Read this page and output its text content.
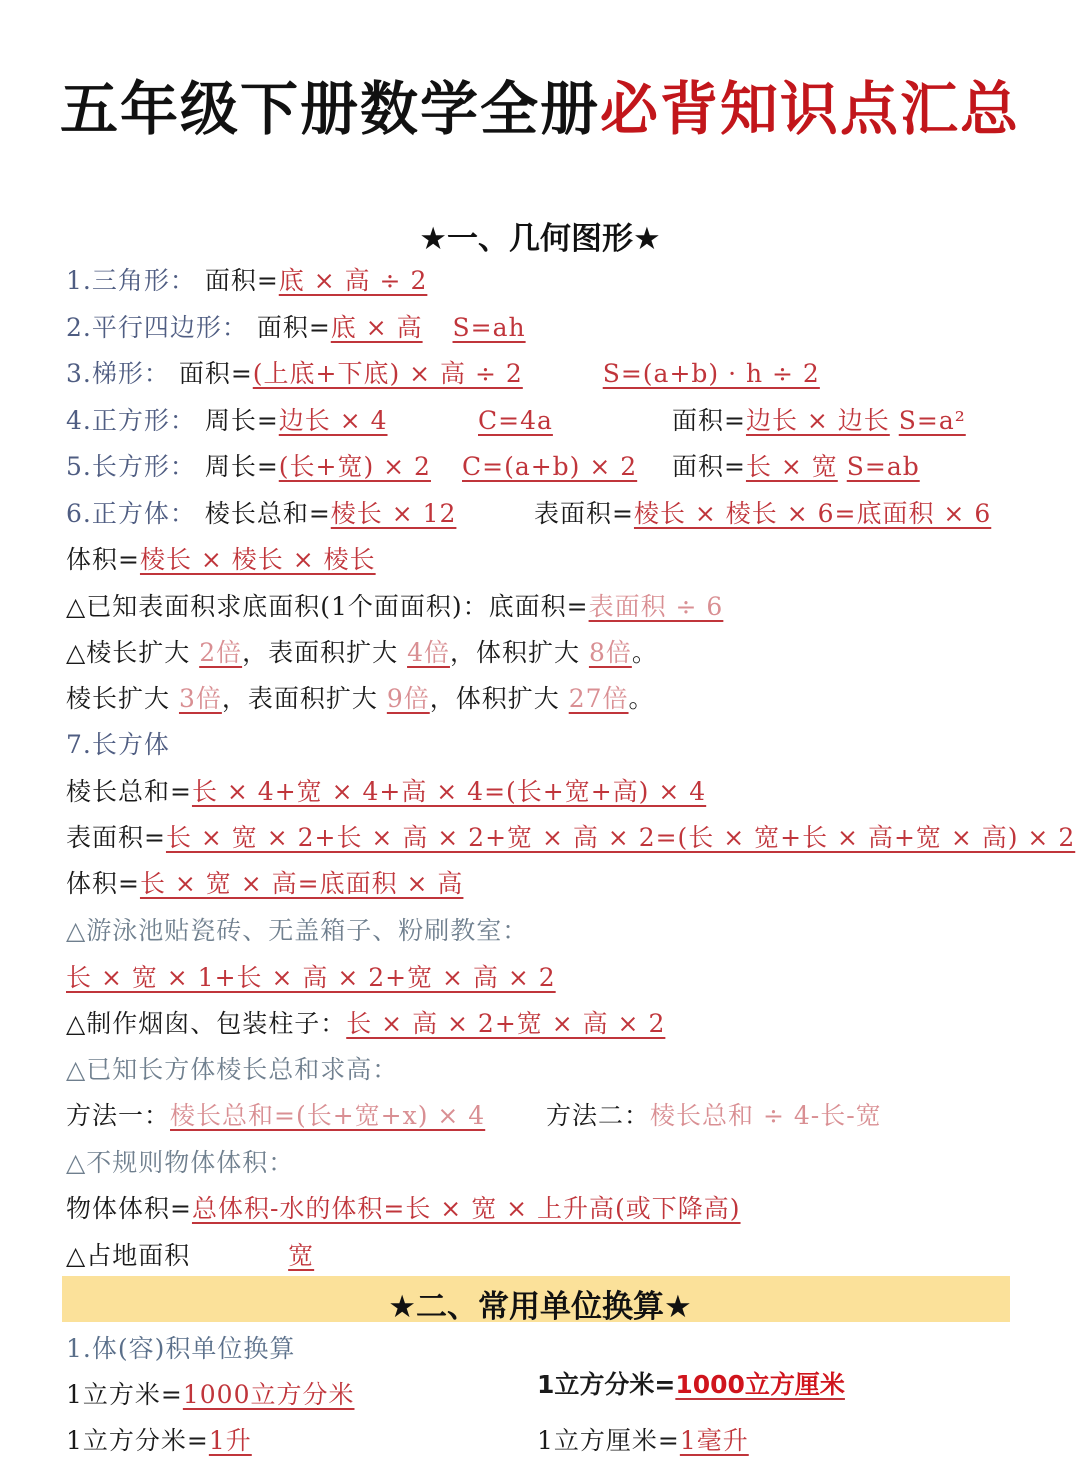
五年级下册数学全册必背知识点汇总
★一、几何图形★
1.三角形： 面积=底 × 高 ÷ 2
2.平行四边形： 面积=底 × 高 S=ah
3.梯形： 面积=(上底+下底) × 高 ÷ 2	S=(a+b) · h ÷ 2
4.正方形： 周长=边长 × 4	C=4a	面积=边长 × 边长 S=a²
5.长方形： 周长=(长+宽) × 2 C=(a+b) × 2 面积=长 × 宽 S=ab
6.正方体： 棱长总和=棱长 × 12	表面积=棱长 × 棱长 × 6=底面积 × 6
体积=棱长 × 棱长 × 棱长
△已知表面积求底面积(1个面面积)：底面积=表面积 ÷ 6
△棱长扩大 2倍，表面积扩大 4倍，体积扩大 8倍。
棱长扩大 3倍，表面积扩大 9倍，体积扩大 27倍。
7.长方体
棱长总和=长 × 4+宽 × 4+高 × 4=(长+宽+高) × 4
表面积=长 × 宽 × 2+长 × 高 × 2+宽 × 高 × 2=(长 × 宽+长 × 高+宽 × 高) × 2
体积=长 × 宽 × 高=底面积 × 高
△游泳池贴瓷砖、无盖箱子、粉刷教室：
长 × 宽 × 1+长 × 高 × 2+宽 × 高 × 2
△制作烟囱、包装柱子：长 × 高 × 2+宽 × 高 × 2
△已知长方体棱长总和求高：
方法一：棱长总和=(长+宽+x) × 4 方法二：棱长总和 ÷ 4-长-宽
△不规则物体体积：
物体体积=总体积-水的体积=长 × 宽 × 上升高(或下降高)
△占地面积	宽
★二、常用单位换算★
1.体(容)积单位换算
1立方米=1000立方分米	1立方分米=1000立方厘米
1立方分米=1升	1立方厘米=1毫升
